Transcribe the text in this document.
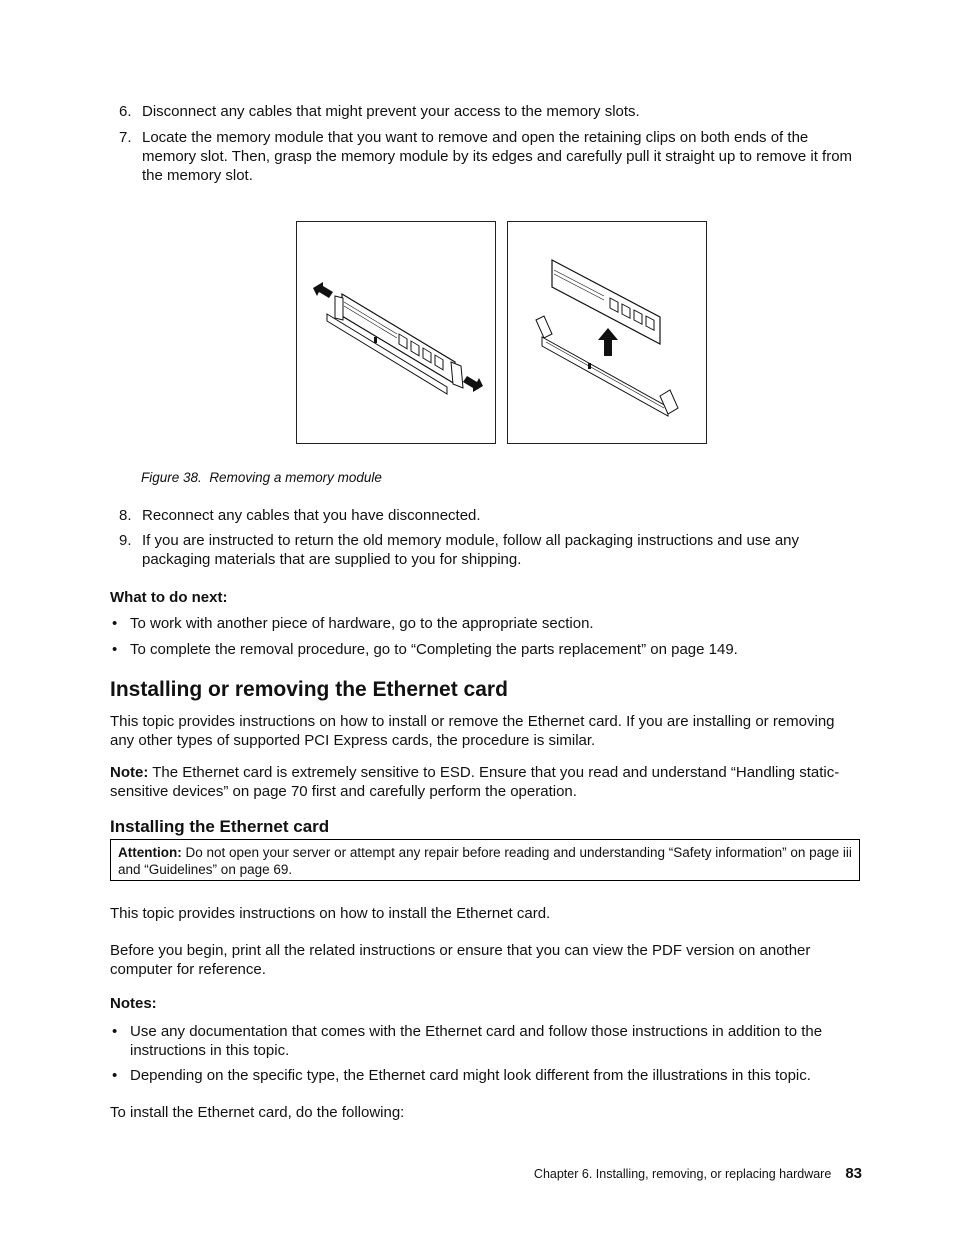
6. Disconnect any cables that might prevent your access to the memory slots.
7. Locate the memory module that you want to remove and open the retaining clips on both ends of the memory slot. Then, grasp the memory module by its edges and carefully pull it straight up to remove it from the memory slot.
Figure 38. Removing a memory module
8. Reconnect any cables that you have disconnected.
9. If you are instructed to return the old memory module, follow all packaging instructions and use any packaging materials that are supplied to you for shipping.
What to do next:
• To work with another piece of hardware, go to the appropriate section.
• To complete the removal procedure, go to “Completing the parts replacement” on page 149.
Installing or removing the Ethernet card
This topic provides instructions on how to install or remove the Ethernet card. If you are installing or removing any other types of supported PCI Express cards, the procedure is similar.
Note: The Ethernet card is extremely sensitive to ESD. Ensure that you read and understand “Handling static-sensitive devices” on page 70 first and carefully perform the operation.
Installing the Ethernet card
Attention: Do not open your server or attempt any repair before reading and understanding “Safety information” on page iii and “Guidelines” on page 69.
This topic provides instructions on how to install the Ethernet card.
Before you begin, print all the related instructions or ensure that you can view the PDF version on another computer for reference.
Notes:
• Use any documentation that comes with the Ethernet card and follow those instructions in addition to the instructions in this topic.
• Depending on the specific type, the Ethernet card might look different from the illustrations in this topic.
To install the Ethernet card, do the following:
Chapter 6. Installing, removing, or replacing hardware 83
